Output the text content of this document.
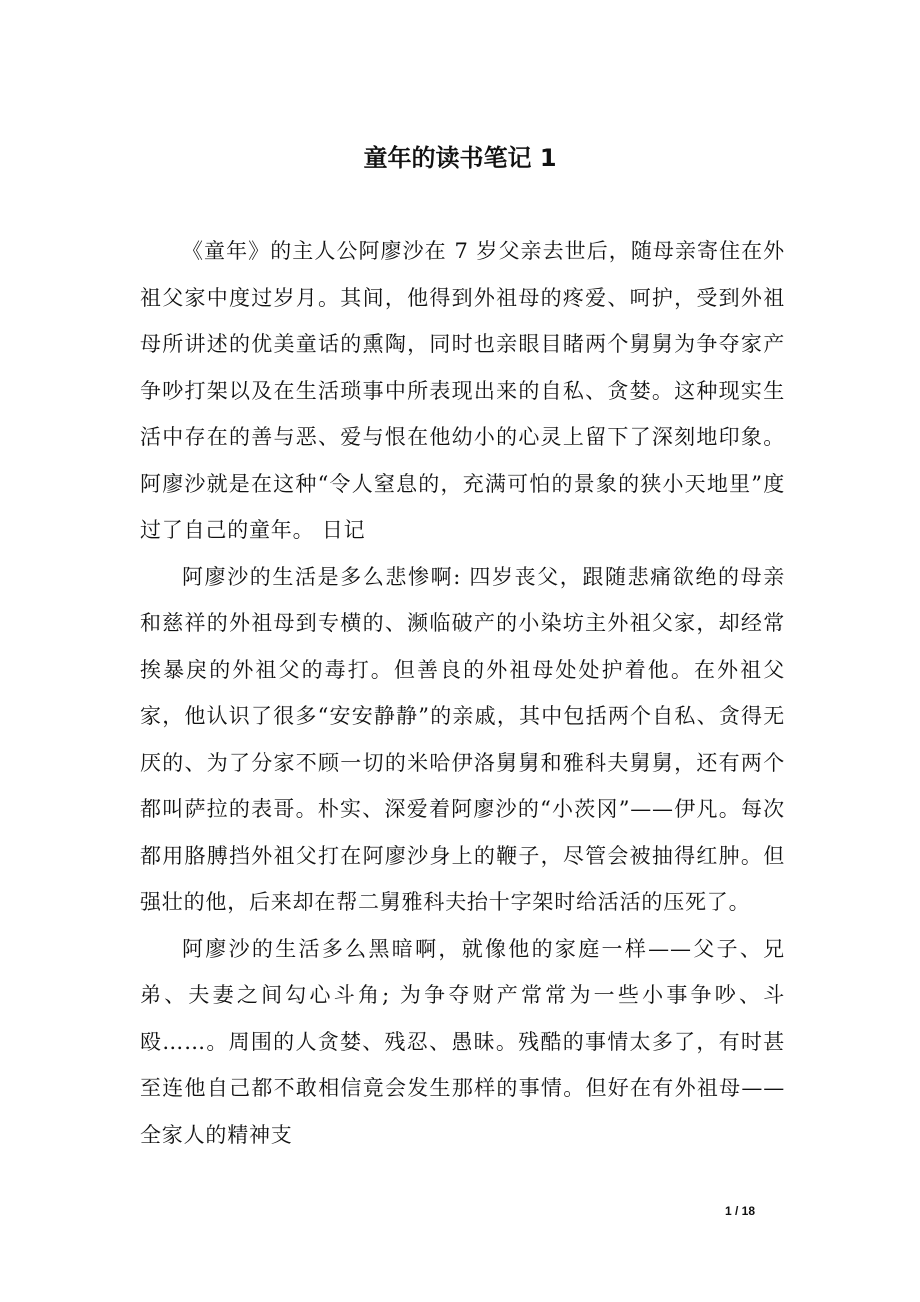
童年的读书笔记 1

《童年》的主人公阿廖沙在 7 岁父亲去世后，随母亲寄住在外祖父家中度过岁月。其间，他得到外祖母的疼爱、呵护，受到外祖母所讲述的优美童话的熏陶，同时也亲眼目睹两个舅舅为争夺家产争吵打架以及在生活琐事中所表现出来的自私、贪婪。这种现实生活中存在的善与恶、爱与恨在他幼小的心灵上留下了深刻地印象。阿廖沙就是在这种“令人窒息的，充满可怕的景象的狭小天地里”度过了自己的童年。 日记

阿廖沙的生活是多么悲惨啊: 四岁丧父，跟随悲痛欲绝的母亲和慈祥的外祖母到专横的、濒临破产的小染坊主外祖父家，却经常挨暴戾的外祖父的毒打。但善良的外祖母处处护着他。在外祖父家，他认识了很多“安安静静”的亲戚，其中包括两个自私、贪得无厌的、为了分家不顾一切的米哈伊洛舅舅和雅科夫舅舅，还有两个都叫萨拉的表哥。朴实、深爱着阿廖沙的“小茨冈”——伊凡。每次都用胳膊挡外祖父打在阿廖沙身上的鞭子，尽管会被抽得红肿。但强壮的他，后来却在帮二舅雅科夫抬十字架时给活活的压死了。

阿廖沙的生活多么黑暗啊，就像他的家庭一样——父子、兄弟、夫妻之间勾心斗角; 为争夺财产常常为一些小事争吵、斗殴……。周围的人贪婪、残忍、愚昧。残酷的事情太多了，有时甚至连他自己都不敢相信竟会发生那样的事情。但好在有外祖母——全家人的精神支

1 / 18
